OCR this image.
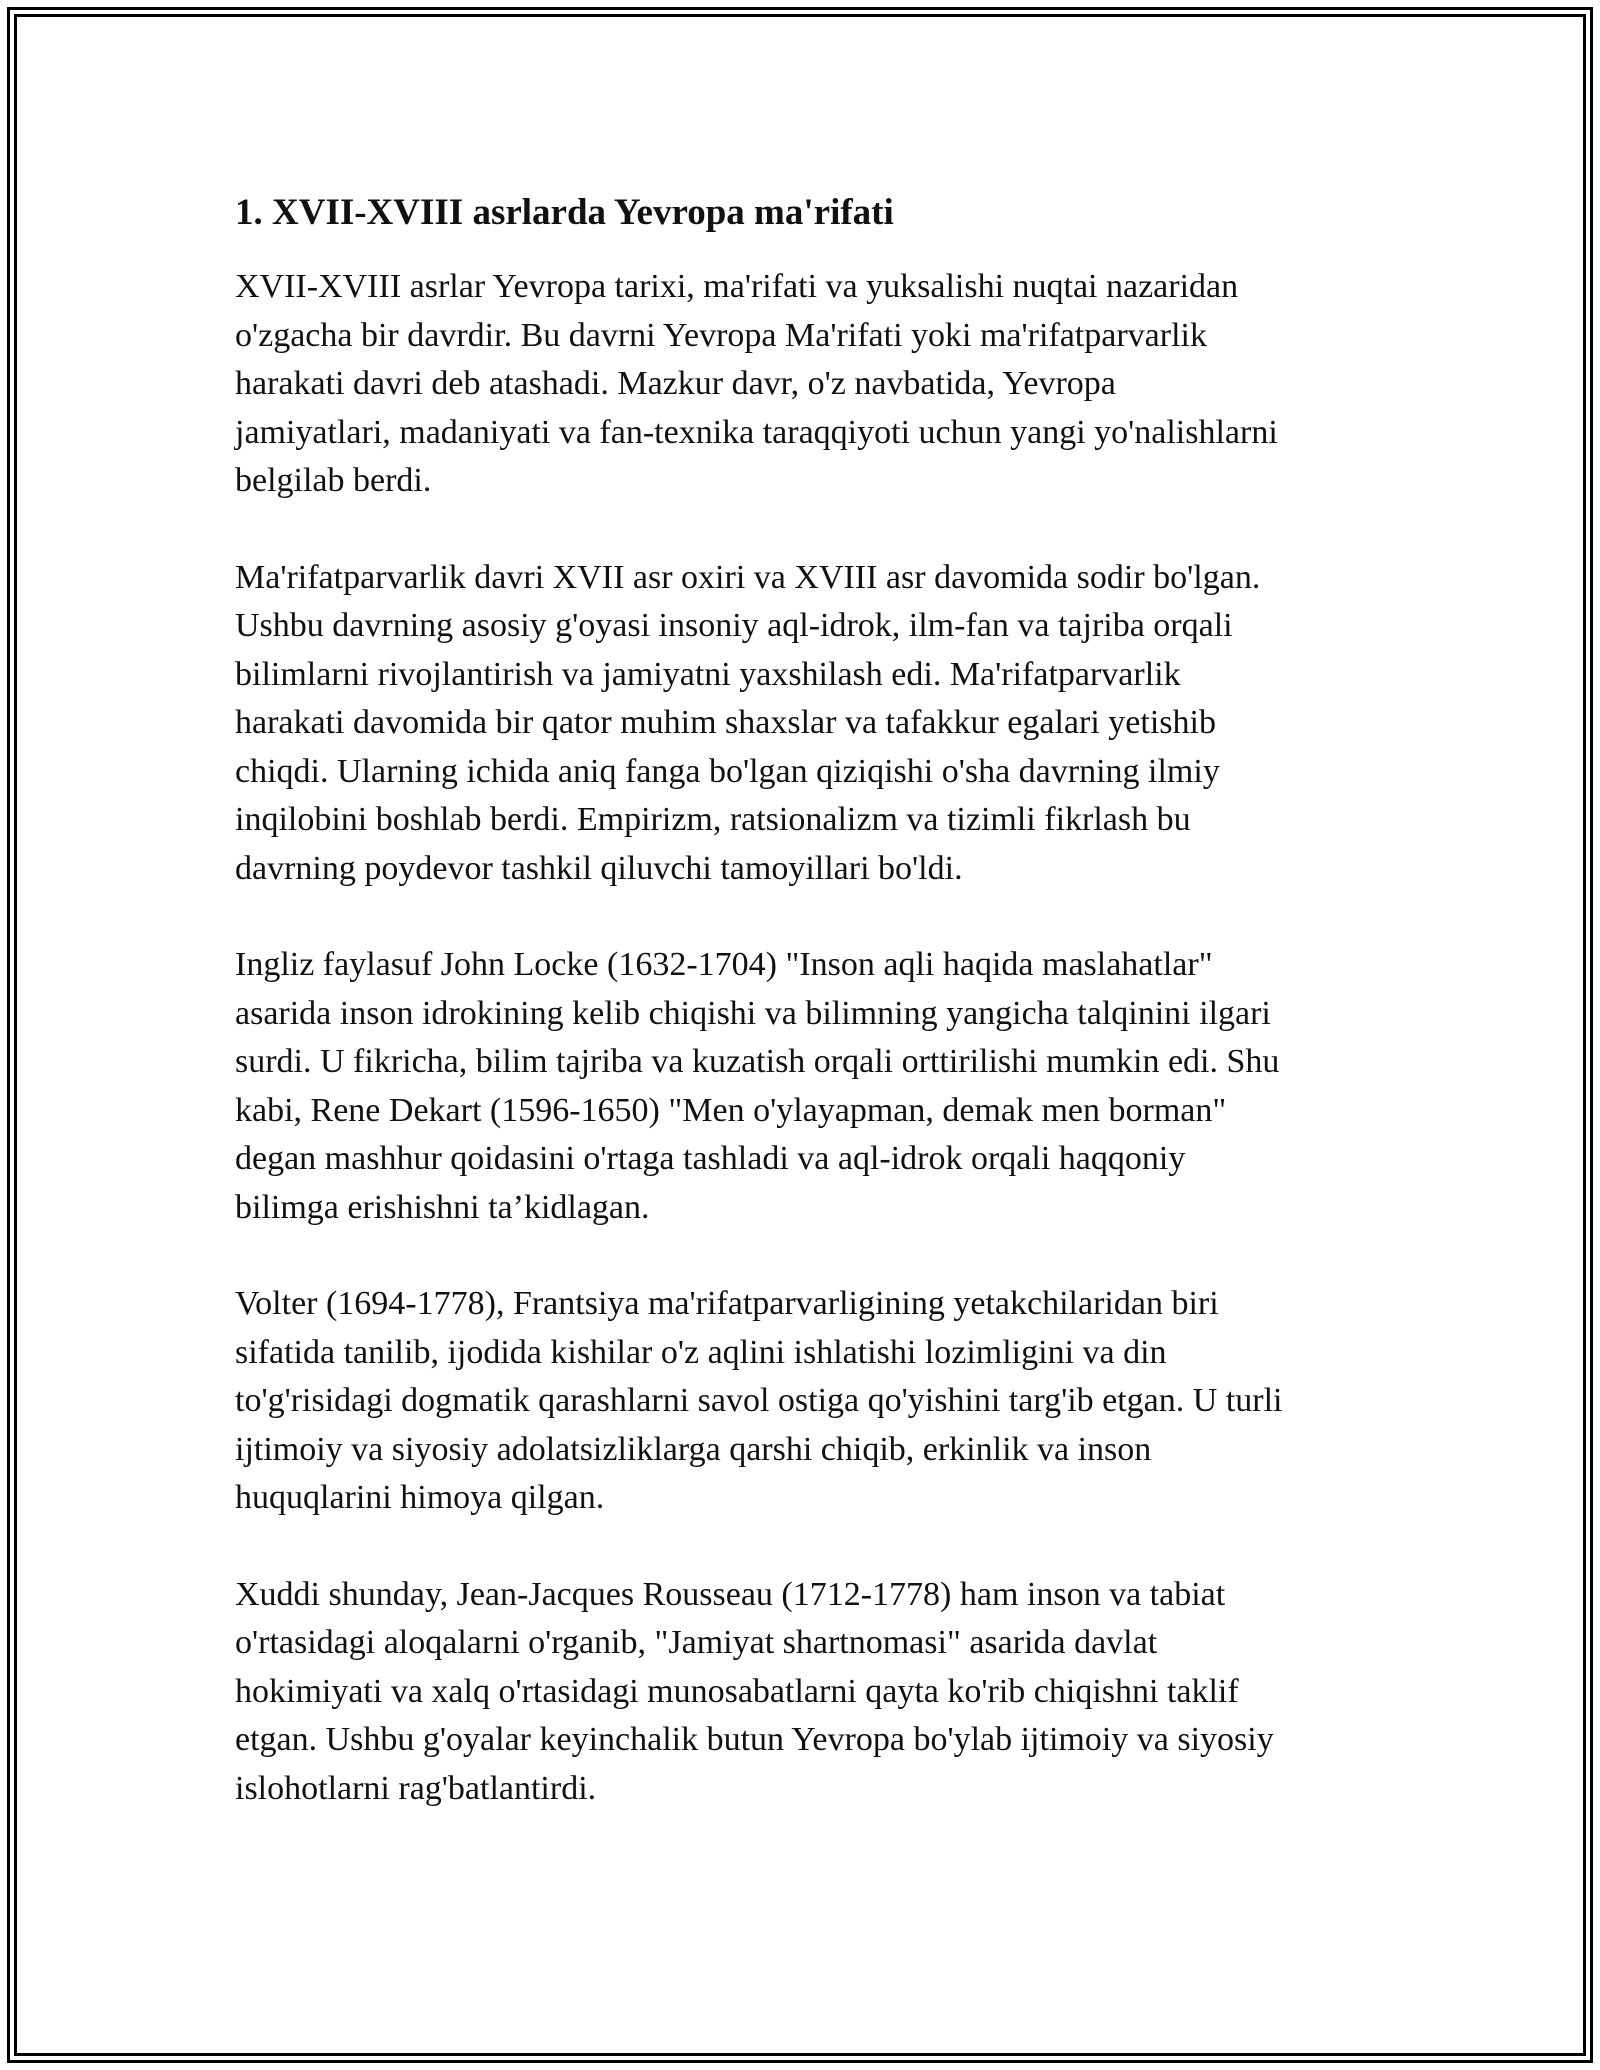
1. XVII-XVIII asrlarda Yevropa ma'rifati

XVII-XVIII asrlar Yevropa tarixi, ma'rifati va yuksalishi nuqtai nazaridan
o'zgacha bir davrdir. Bu davrni Yevropa Ma'rifati yoki ma'rifatparvarlik
harakati davri deb atashadi. Mazkur davr, o'z navbatida, Yevropa
jamiyatlari, madaniyati va fan-texnika taraqqiyoti uchun yangi yo'nalishlarni
belgilab berdi.

Ma'rifatparvarlik davri XVII asr oxiri va XVIII asr davomida sodir bo'lgan.
Ushbu davrning asosiy g'oyasi insoniy aql-idrok, ilm-fan va tajriba orqali
bilimlarni rivojlantirish va jamiyatni yaxshilash edi. Ma'rifatparvarlik
harakati davomida bir qator muhim shaxslar va tafakkur egalari yetishib
chiqdi. Ularning ichida aniq fanga bo'lgan qiziqishi o'sha davrning ilmiy
inqilobini boshlab berdi. Empirizm, ratsionalizm va tizimli fikrlash bu
davrning poydevor tashkil qiluvchi tamoyillari bo'ldi.

Ingliz faylasuf John Locke (1632-1704) "Inson aqli haqida maslahatlar"
asarida inson idrokining kelib chiqishi va bilimning yangicha talqinini ilgari
surdi. U fikricha, bilim tajriba va kuzatish orqali orttirilishi mumkin edi. Shu
kabi, Rene Dekart (1596-1650) "Men o'ylayapman, demak men borman"
degan mashhur qoidasini o'rtaga tashladi va aql-idrok orqali haqqoniy
bilimga erishishni ta’kidlagan.

Volter (1694-1778), Frantsiya ma'rifatparvarligining yetakchilaridan biri
sifatida tanilib, ijodida kishilar o'z aqlini ishlatishi lozimligini va din
to'g'risidagi dogmatik qarashlarni savol ostiga qo'yishini targ'ib etgan. U turli
ijtimoiy va siyosiy adolatsizliklarga qarshi chiqib, erkinlik va inson
huquqlarini himoya qilgan.

Xuddi shunday, Jean-Jacques Rousseau (1712-1778) ham inson va tabiat
o'rtasidagi aloqalarni o'rganib, "Jamiyat shartnomasi" asarida davlat
hokimiyati va xalq o'rtasidagi munosabatlarni qayta ko'rib chiqishni taklif
etgan. Ushbu g'oyalar keyinchalik butun Yevropa bo'ylab ijtimoiy va siyosiy
islohotlarni rag'batlantirdi.
